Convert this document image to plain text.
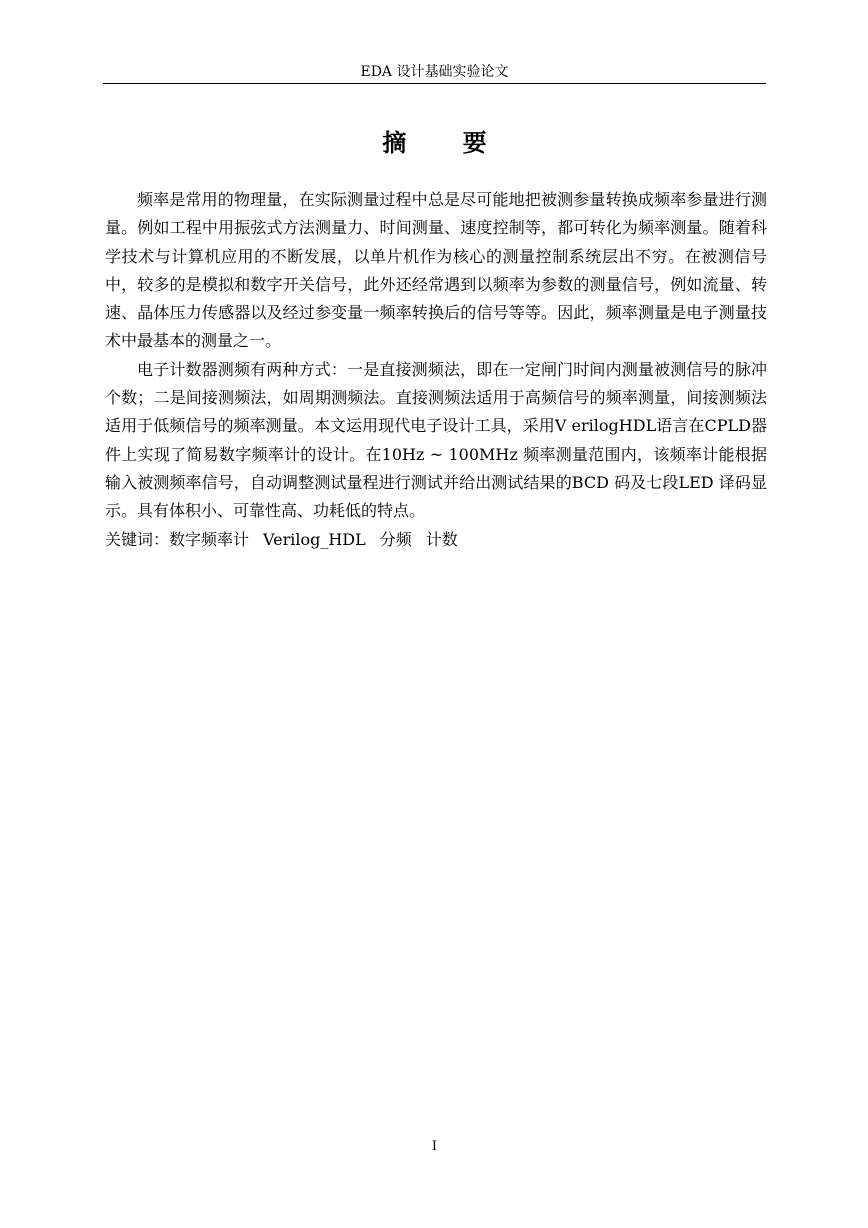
EDA 设计基础实验论文
摘 要

频率是常用的物理量，在实际测量过程中总是尽可能地把被测参量转换成频率参量进行测量。例如工程中用振弦式方法测量力、时间测量、速度控制等，都可转化为频率测量。随着科学技术与计算机应用的不断发展，以单片机作为核心的测量控制系统层出不穷。在被测信号中，较多的是模拟和数字开关信号，此外还经常遇到以频率为参数的测量信号，例如流量、转速、晶体压力传感器以及经过参变量一频率转换后的信号等等。因此，频率测量是电子测量技术中最基本的测量之一。

电子计数器测频有两种方式：一是直接测频法，即在一定闸门时间内测量被测信号的脉冲个数；二是间接测频法，如周期测频法。直接测频法适用于高频信号的频率测量，间接测频法适用于低频信号的频率测量。本文运用现代电子设计工具，采用V erilogHDL语言在CPLD器件上实现了简易数字频率计的设计。在10Hz ~ 100MHz 频率测量范围内，该频率计能根据输入被测频率信号，自动调整测试量程进行测试并给出测试结果的BCD 码及七段LED 译码显示。具有体积小、可靠性高、功耗低的特点。

关键词：数字频率计 Verilog_HDL 分频 计数
I
